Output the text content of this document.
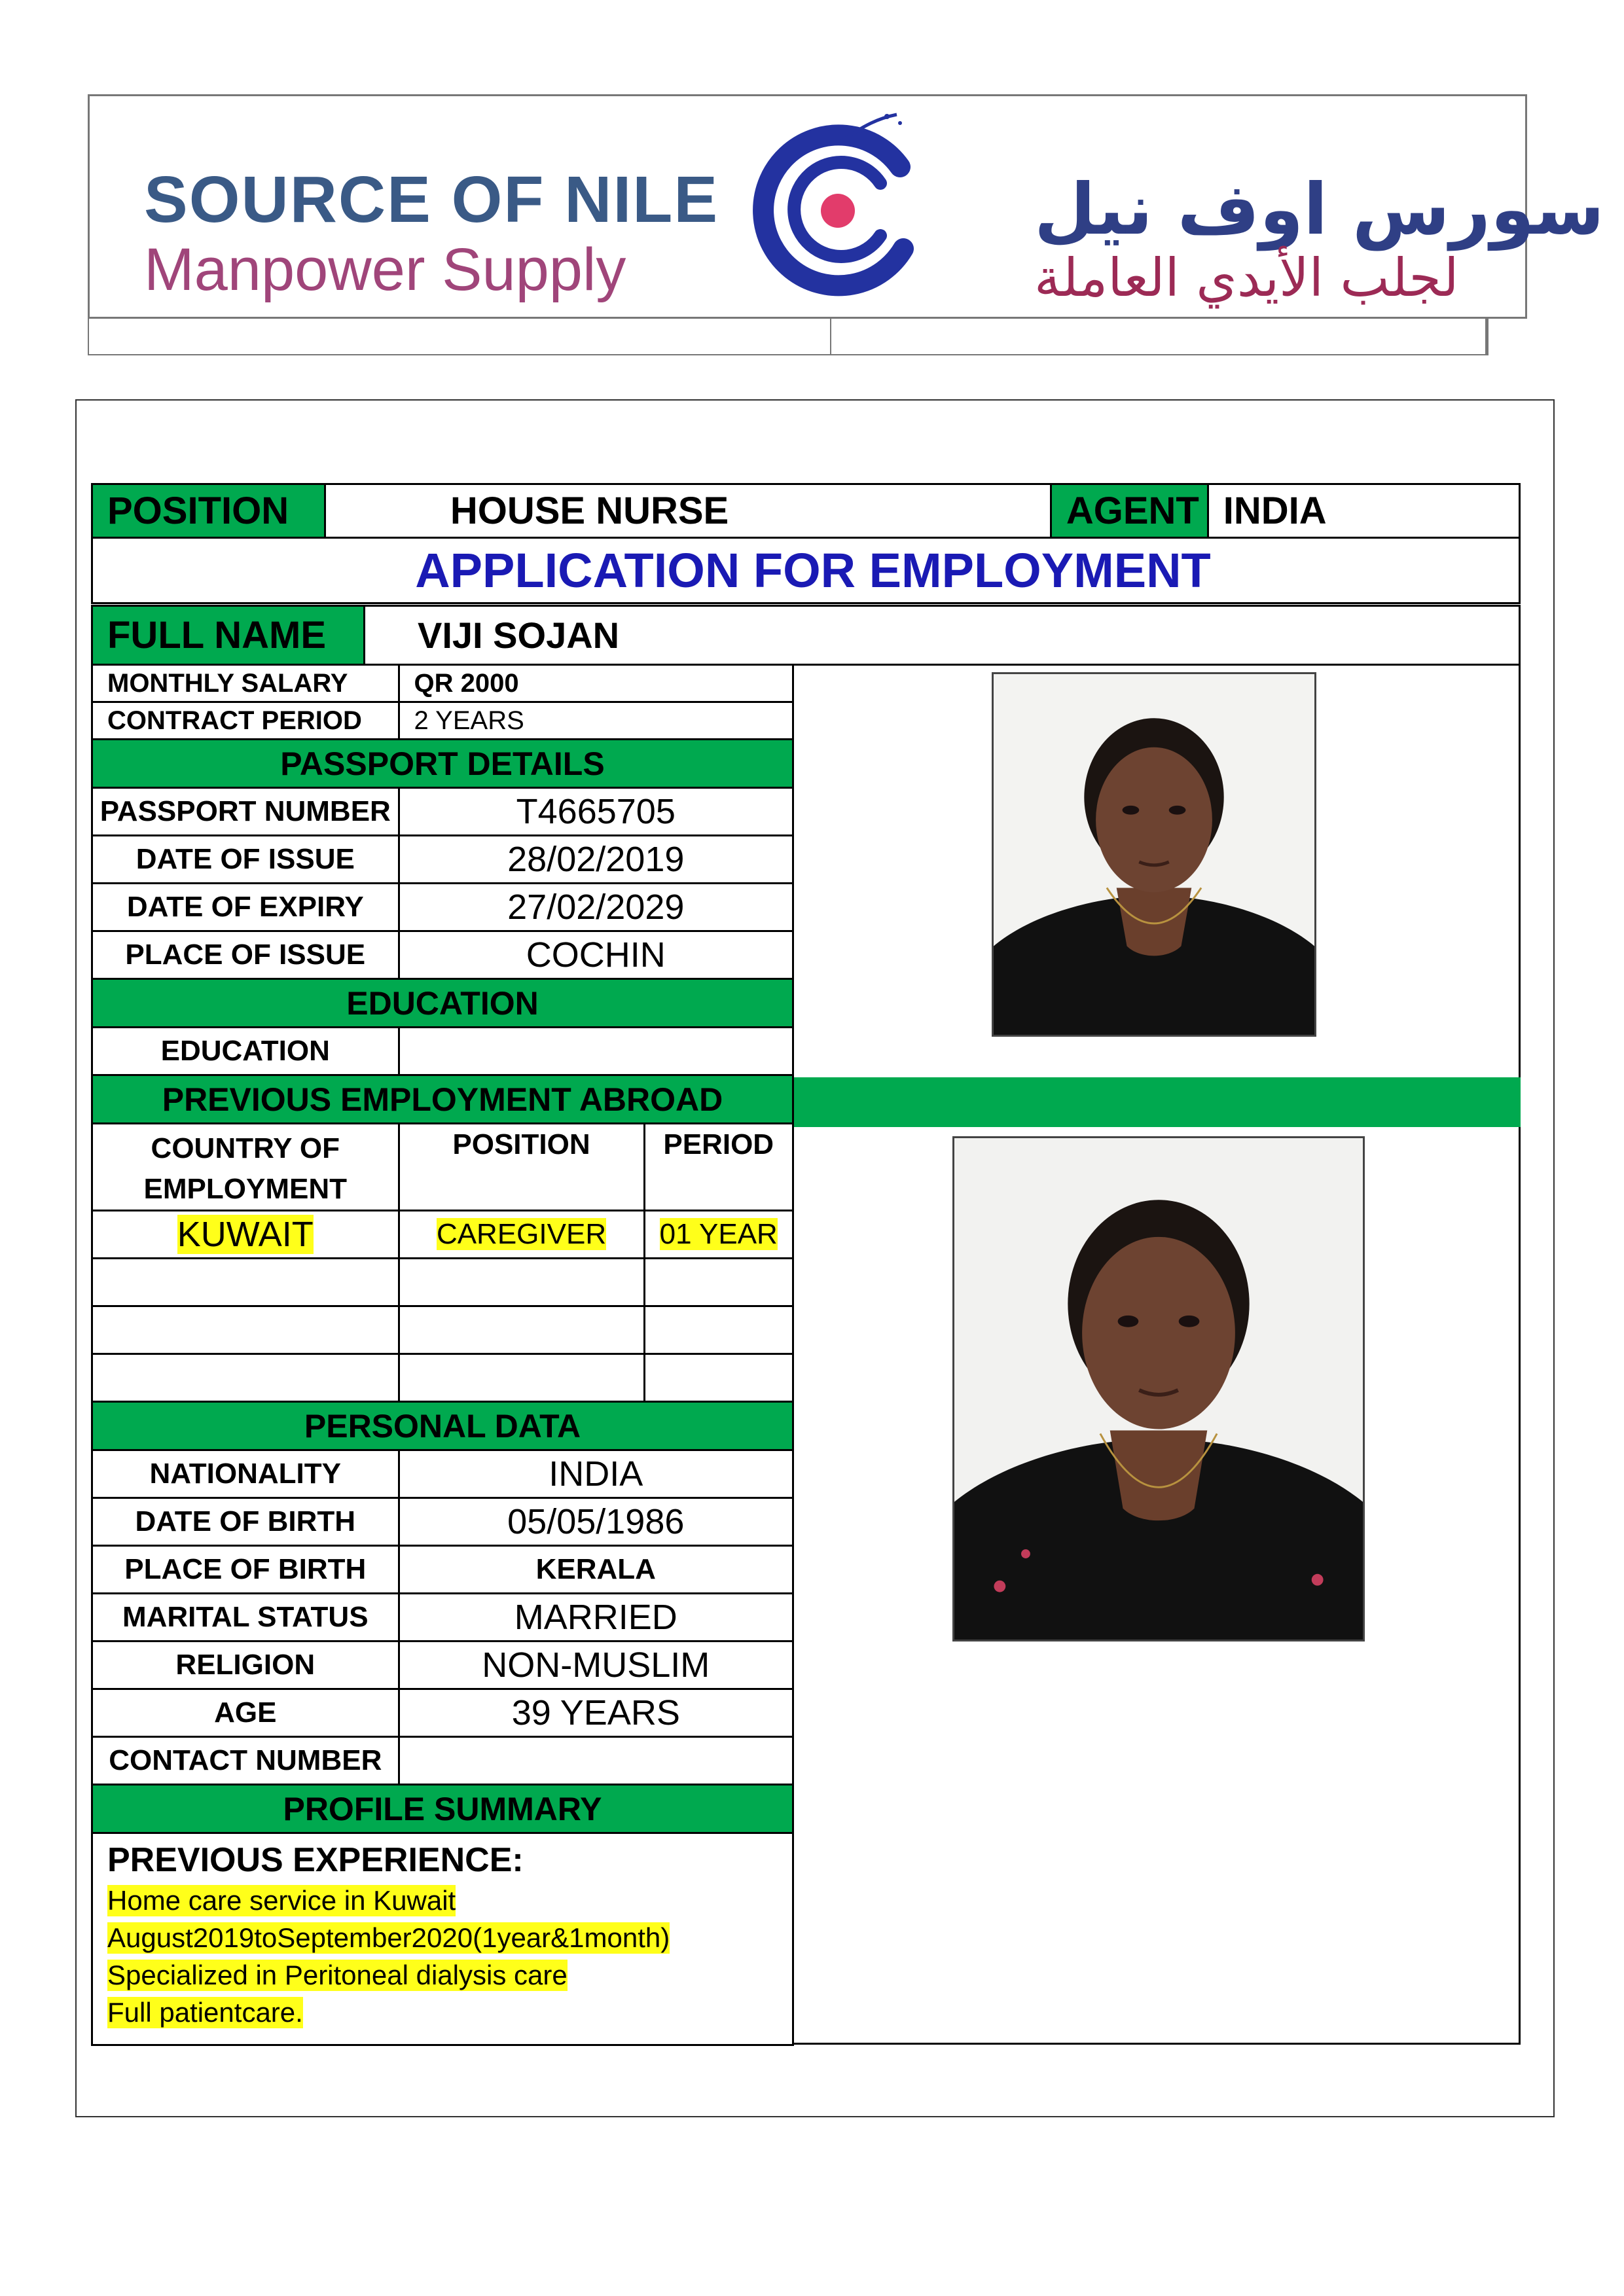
SOURCE OF NILE
Manpower Supply
سورس اوف نيل
لجلب الأيدي العاملة
POSITION	HOUSE NURSE	AGENT	INDIA
APPLICATION FOR EMPLOYMENT
FULL NAME	VIJI SOJAN
MONTHLY SALARY	QR 2000	
CONTRACT PERIOD	2 YEARS	
PASSPORT DETAILS		
PASSPORT NUMBER	T4665705	
DATE OF ISSUE	28/02/2019	
DATE OF EXPIRY	27/02/2029	
PLACE OF ISSUE	COCHIN	
EDUCATION		
EDUCATION		
PREVIOUS EMPLOYMENT ABROAD		
COUNTRY OF EMPLOYMENT	POSITION	PERIOD
KUWAIT	CAREGIVER	01 YEAR

PERSONAL DATA		
NATIONALITY	INDIA	
DATE OF BIRTH	05/05/1986	
PLACE OF BIRTH	KERALA	
MARITAL STATUS	MARRIED	
RELIGION	NON-MUSLIM	
AGE	39 YEARS	
CONTACT NUMBER		
PROFILE SUMMARY		

PREVIOUS EXPERIENCE:
Home care service in Kuwait
August2019toSeptember2020(1year&1month)
Specialized in Peritoneal dialysis care
Full patientcare.		
